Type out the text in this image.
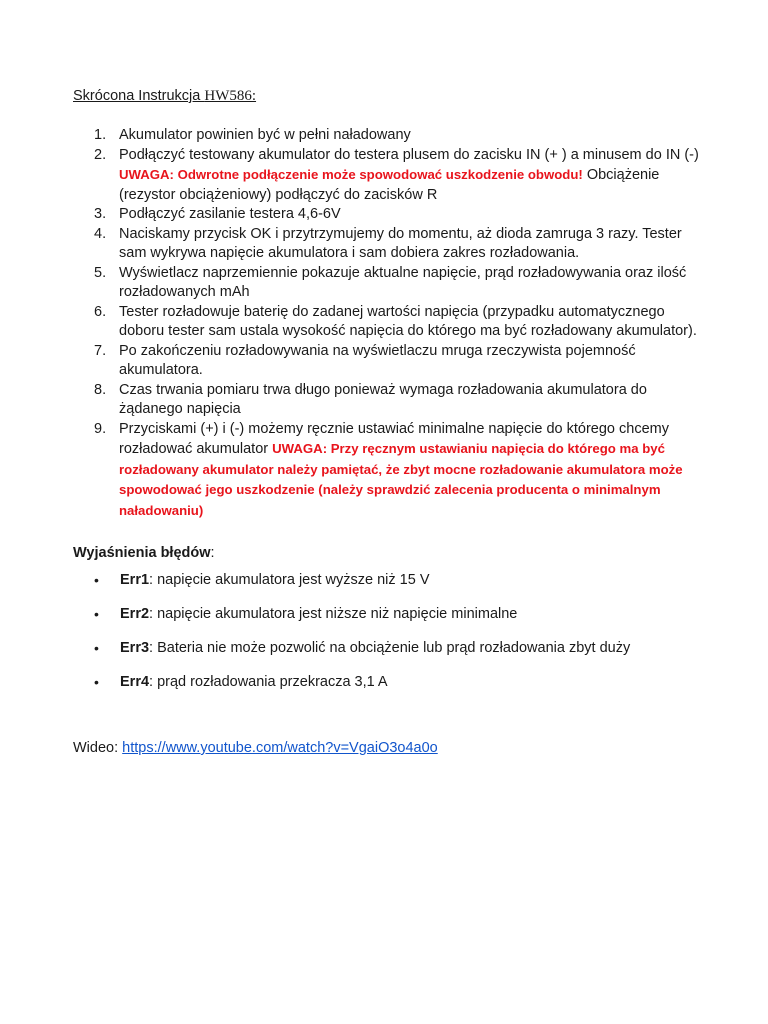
Skrócona Instrukcja HW586:
1. Akumulator powinien być w pełni naładowany
2. Podłączyć testowany akumulator do testera plusem do zacisku IN (+ ) a minusem do IN (-) UWAGA: Odwrotne podłączenie może spowodować uszkodzenie obwodu! Obciążenie (rezystor obciążeniowy) podłączyć do zacisków R
3. Podłączyć zasilanie testera 4,6-6V
4. Naciskamy przycisk OK i przytrzymujemy do momentu, aż dioda zamruga 3 razy. Tester sam wykrywa napięcie akumulatora i sam dobiera zakres rozładowania.
5. Wyświetlacz naprzemiennie pokazuje aktualne napięcie, prąd rozładowywania oraz ilość rozładowanych mAh
6. Tester rozładowuje baterię do zadanej wartości napięcia (przypadku automatycznego doboru tester sam ustala wysokość napięcia do którego ma być rozładowany akumulator).
7. Po zakończeniu rozładowywania na wyświetlaczu mruga rzeczywista pojemność akumulatora.
8. Czas trwania pomiaru trwa długo ponieważ wymaga rozładowania akumulatora do żądanego napięcia
9. Przyciskami (+) i (-) możemy ręcznie ustawiać minimalne napięcie do którego chcemy rozładować akumulator UWAGA: Przy ręcznym ustawianiu napięcia do którego ma być rozładowany akumulator należy pamiętać, że zbyt mocne rozładowanie akumulatora może spowodować jego uszkodzenie (należy sprawdzić zalecenia producenta o minimalnym naładowaniu)
Wyjaśnienia błędów:
• Err1: napięcie akumulatora jest wyższe niż 15 V
• Err2: napięcie akumulatora jest niższe niż napięcie minimalne
• Err3: Bateria nie może pozwolić na obciążenie lub prąd rozładowania zbyt duży
• Err4: prąd rozładowania przekracza 3,1 A
Wideo: https://www.youtube.com/watch?v=VgaiO3o4a0o
